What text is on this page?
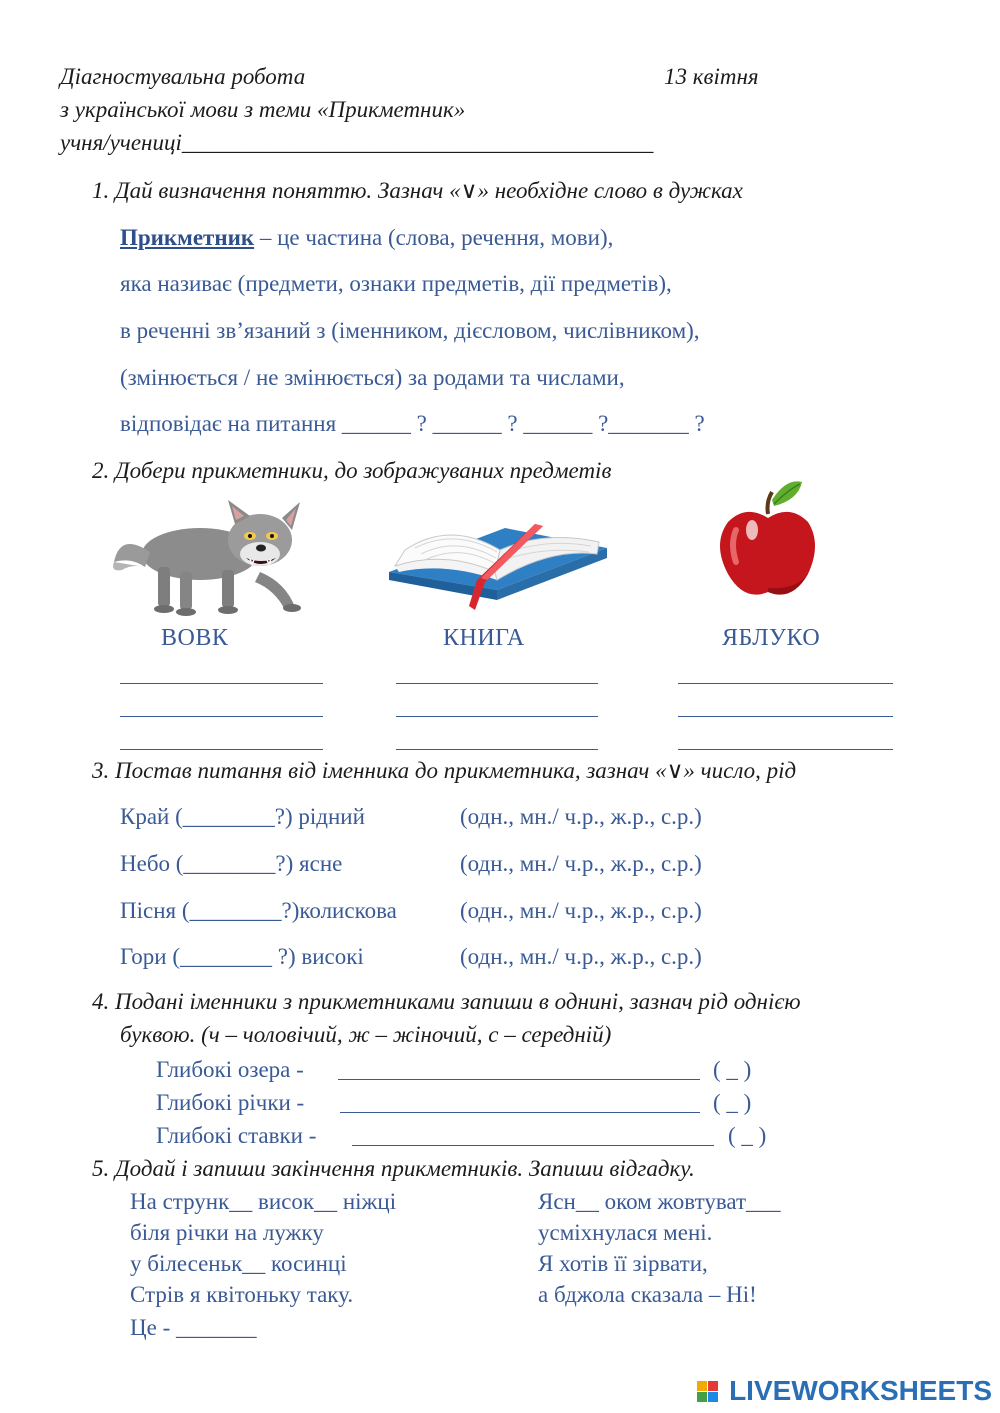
Діагностувальна робота	13 квітня
з української мови з теми «Прикметник»
учня/учениці_________________________________________
1. Дай визначення поняттю. Зазнач «∨» необхідне слово в дужках
Прикметник – це частина (слова, речення, мови),
яка називає (предмети, ознаки предметів, дії предметів),
в реченні зв’язаний з (іменником, дієсловом, числівником),
(змінюється / не змінюється) за родами та числами,
відповідає на питання ______ ? ______ ? ______ ?_______ ?
2. Добери прикметники, до зображуваних предметів
ВОВК	КНИГА	ЯБЛУКО
3. Постав питання від іменника до прикметника, зазнач «∨» число, рід
Край (________?) рідний	(одн., мн./ ч.р., ж.р., с.р.)
Небо (________?) ясне	(одн., мн./ ч.р., ж.р., с.р.)
Пісня (________?)колискова	(одн., мн./ ч.р., ж.р., с.р.)
Гори (________ ?) високі	(одн., мн./ ч.р., ж.р., с.р.)
4. Подані іменники з прикметниками запиши в однині, зазнач рід однією
буквою. (ч – чоловічий, ж – жіночий, с – середній)
Глибокі озера -	( _ )
Глибокі річки -	( _ )
Глибокі ставки -	( _ )
5. Додай і запиши закінчення прикметників. Запиши відгадку.
На струнк__ висок__ ніжці
біля річки на лужку
у білесеньк__ косинці
Стрів я квітоньку таку.
Ясн__ оком жовтуват___
усміхнулася мені.
Я хотів її зірвати,
а бджола сказала – Ні!
Це - _______
LIVEWORKSHEETS
